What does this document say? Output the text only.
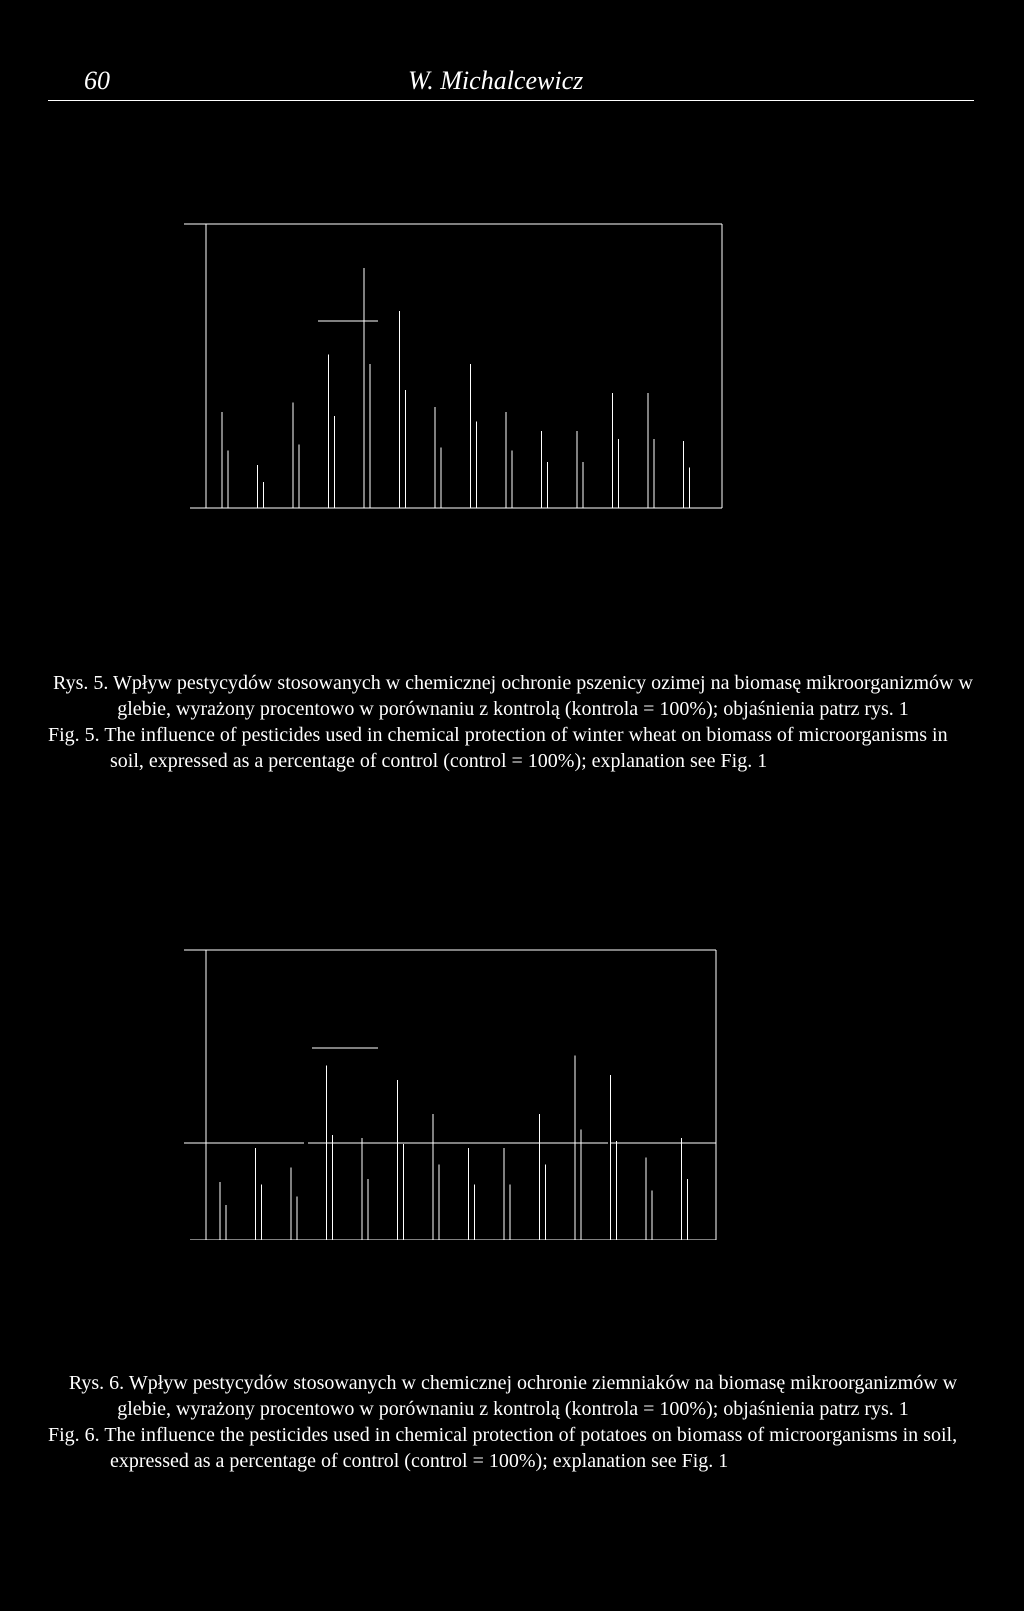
60	W. Michalcewicz

Rys. 5. Wpływ pestycydów stosowanych w chemicznej ochronie pszenicy ozimej na biomasę mikroorganizmów w glebie, wyrażony procentowo w porównaniu z kontrolą (kontrola = 100%); objaśnienia patrz rys. 1

Fig. 5. The influence of pesticides used in chemical protection of winter wheat on biomass of microorganisms in soil, expressed as a percentage of control (control = 100%); explanation see Fig. 1

Rys. 6. Wpływ pestycydów stosowanych w chemicznej ochronie ziemniaków na biomasę mikroorganizmów w glebie, wyrażony procentowo w porównaniu z kontrolą (kontrola = 100%); objaśnienia patrz rys. 1

Fig. 6. The influence the pesticides used in chemical protection of potatoes on biomass of microorganisms in soil, expressed as a percentage of control (control = 100%); explanation see Fig. 1
